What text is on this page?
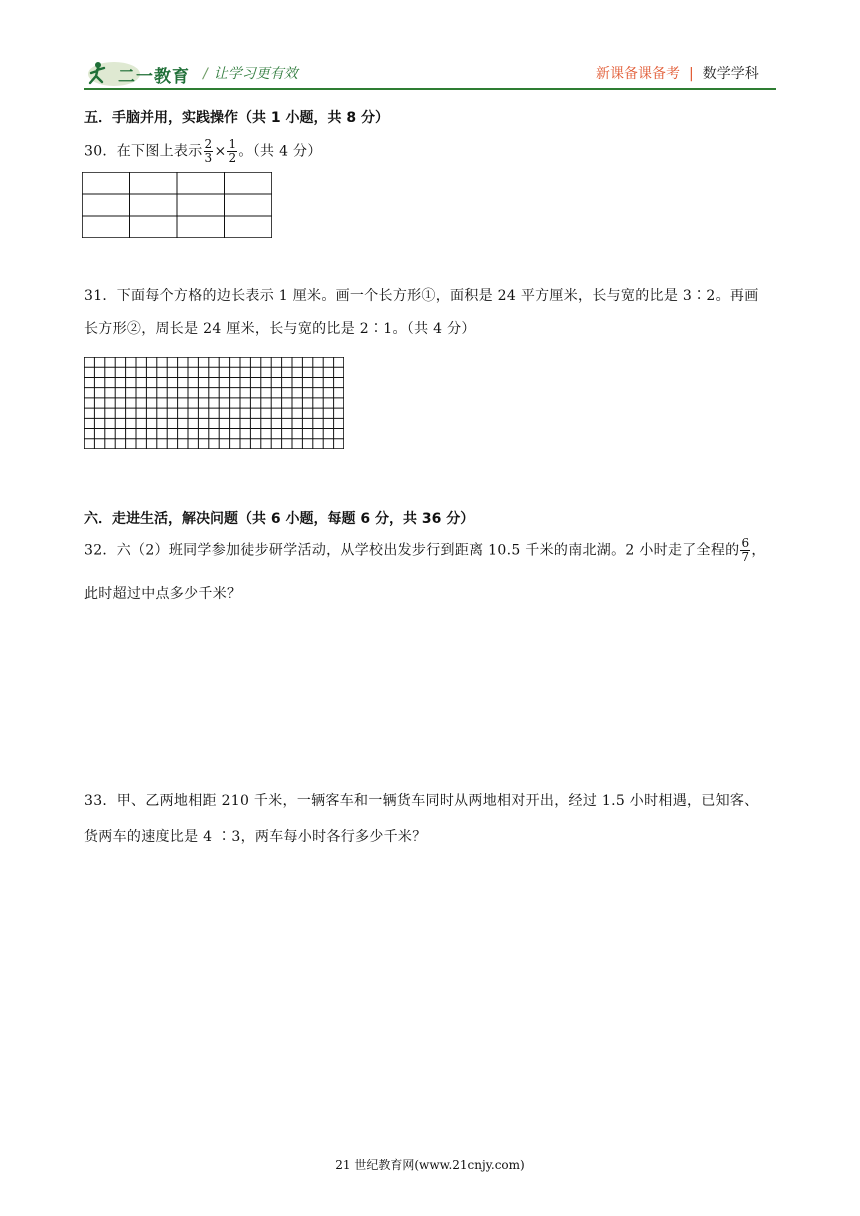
二一教育 / 让学习更有效	新课备课备考 | 数学学科
五．手脑并用，实践操作（共 1 小题，共 8 分）
30．在下图上表示 $\frac{2}{3} \times \frac{1}{2}$ 。（共 4 分）
31．下面每个方格的边长表示 1 厘米。画一个长方形①，面积是 24 平方厘米，长与宽的比是 3∶2。再画
长方形②，周长是 24 厘米，长与宽的比是 2∶1。（共 4 分）
六．走进生活，解决问题（共 6 小题，每题 6 分，共 36 分）
32．六（2）班同学参加徒步研学活动，从学校出发步行到距离 10.5 千米的南北湖。2 小时走了全程的 $\frac{6}{7}$ ，
此时超过中点多少千米？
33．甲、乙两地相距 210 千米，一辆客车和一辆货车同时从两地相对开出，经过 1.5 小时相遇，已知客、
货两车的速度比是 4 ∶3，两车每小时各行多少千米？
21 世纪教育网(www.21cnjy.com)
